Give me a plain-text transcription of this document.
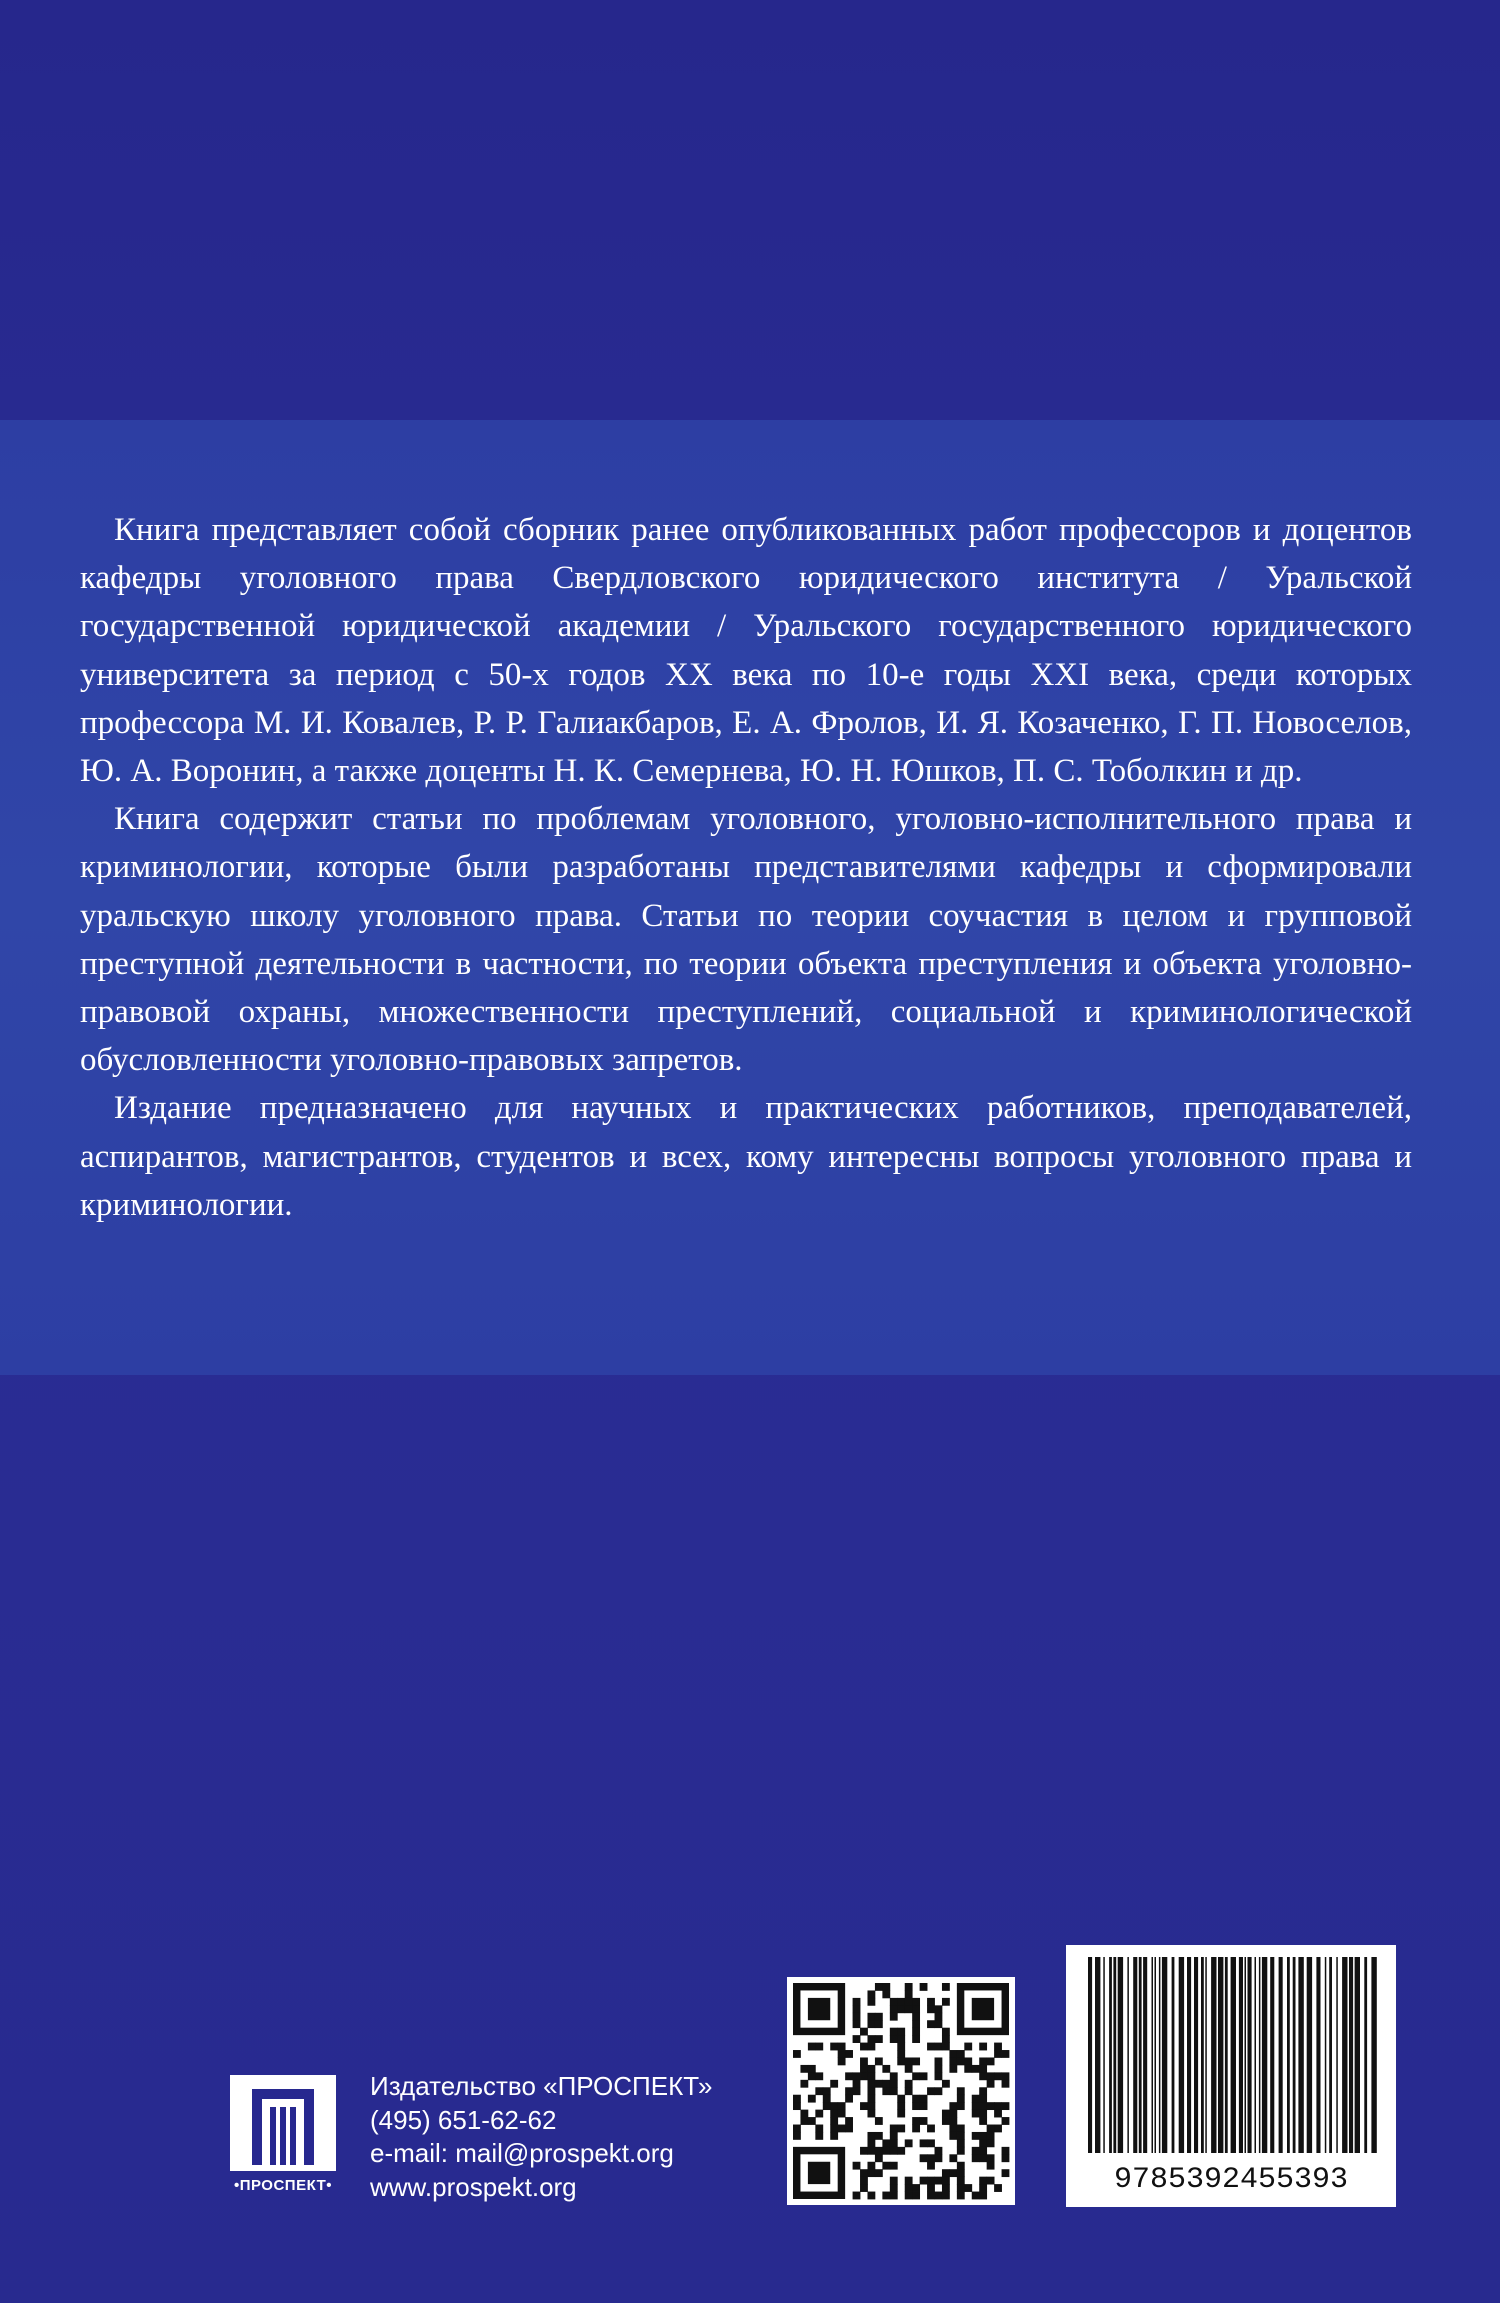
Книга представляет собой сборник ранее опубликованных работ профессоров и доцентов кафедры уголовного права Свердловского юридического института / Уральской государственной юридической академии / Уральского государственного юридического университета за период с 50-х годов XX века по 10-е годы XXI века, среди которых профессора М. И. Ковалев, Р. Р. Галиакбаров, Е. А. Фролов, И. Я. Козаченко, Г. П. Новоселов, Ю. А. Воронин, а также доценты Н. К. Семернева, Ю. Н. Юшков, П. С. Тоболкин и др.

Книга содержит статьи по проблемам уголовного, уголовно-исполнительного права и криминологии, которые были разработаны представителями кафедры и сформировали уральскую школу уголовного права. Статьи по теории соучастия в целом и групповой преступной деятельности в частности, по теории объекта преступления и объекта уголовно-правовой охраны, множественности преступлений, социальной и криминологической обусловленности уголовно-правовых запретов.

Издание предназначено для научных и практических работников, преподавателей, аспирантов, магистрантов, студентов и всех, кому интересны вопросы уголовного права и криминологии.

•ПРОСПЕКТ•
Издательство «ПРОСПЕКТ»
(495) 651-62-62
e-mail: mail@prospekt.org
www.prospekt.org	9785392455393
